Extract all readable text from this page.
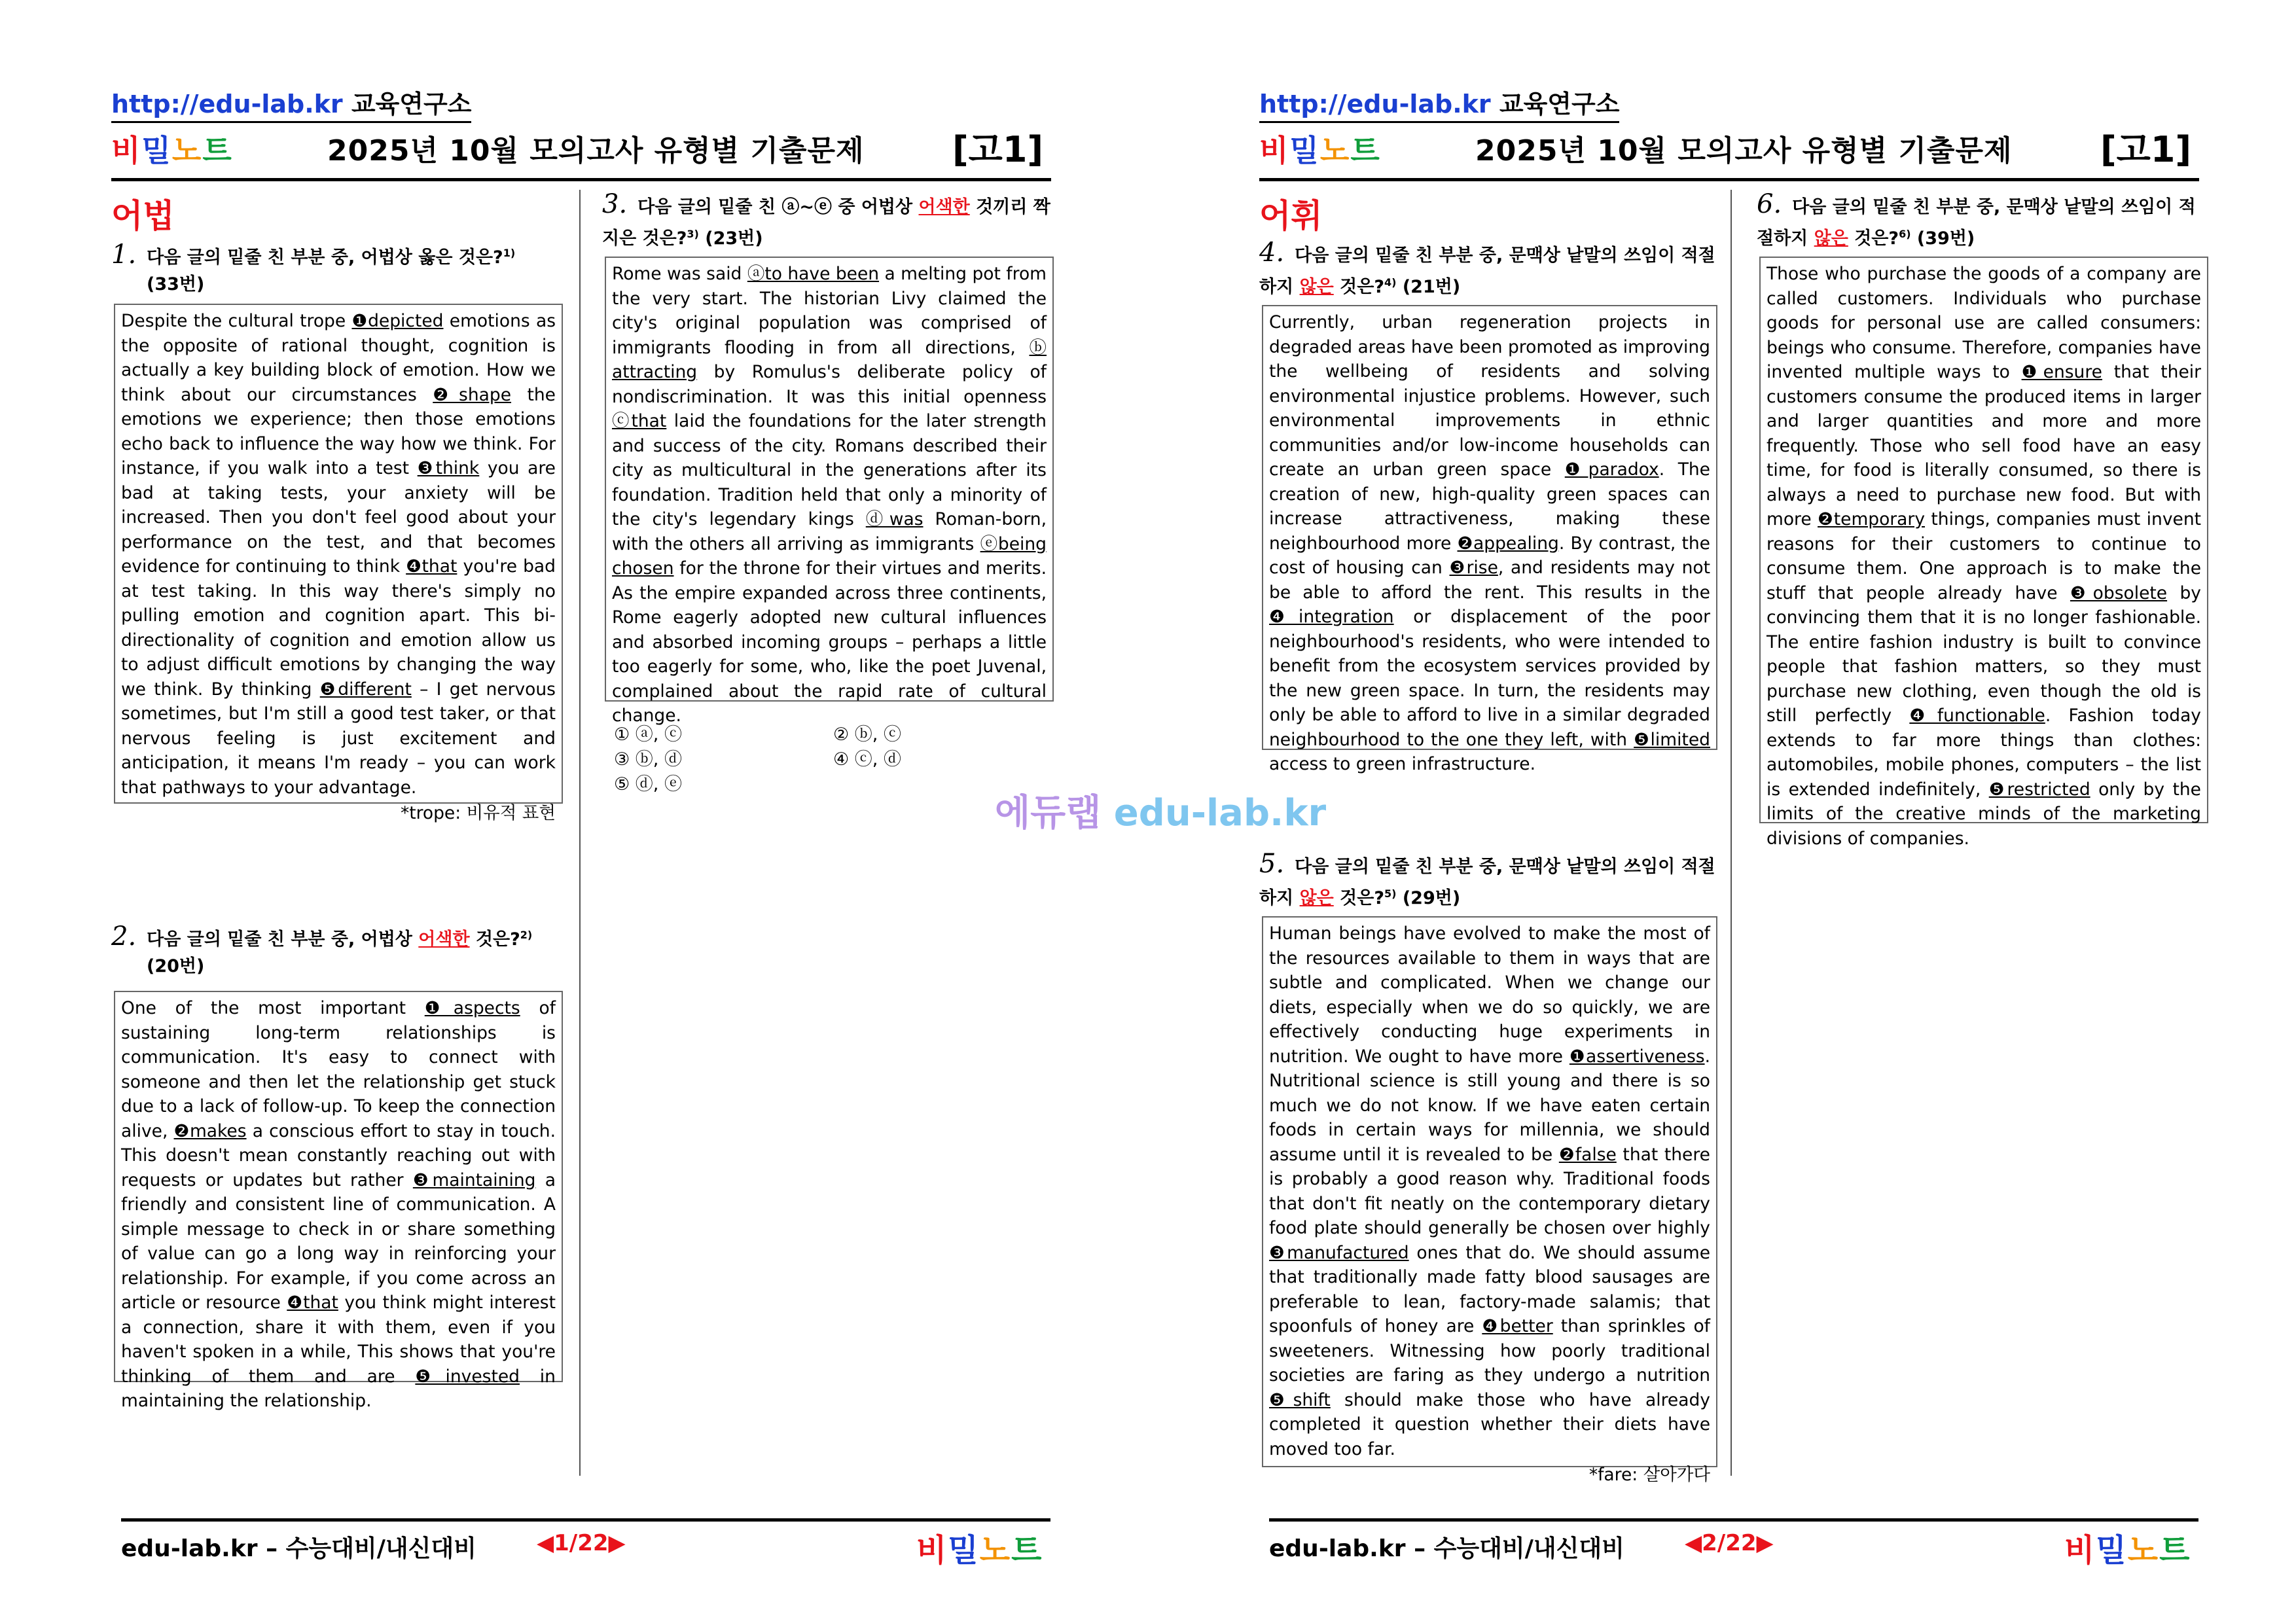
http://edu-lab.kr 교육연구소
비밀노트	2025년 10월 모의고사 유형별 기출문제 [고1]
어법
1. 다음 글의 밑줄 친 부분 중, 어법상 옳은 것은?$^{1)}$
(33번)
Despite the cultural trope ❶depicted emotions as the opposite of rational thought, cognition is actually a key building block of emotion. How we think about our circumstances ❷shape the emotions we experience; then those emotions echo back to influence the way how we think. For instance, if you walk into a test ❸think you are bad at taking tests, your anxiety will be increased. Then you don't feel good about your performance on the test, and that becomes evidence for continuing to think ❹that you're bad at test taking. In this way there's simply no pulling emotion and cognition apart. This bi-directionality of cognition and emotion allow us to adjust difficult emotions by changing the way we think. By thinking ❺different – I get nervous sometimes, but I'm still a good test taker, or that nervous feeling is just excitement and anticipation, it means I'm ready – you can work that pathways to your advantage.
*trope: 비유적 표현
2. 다음 글의 밑줄 친 부분 중, 어법상 어색한 것은?$^{2)}$
(20번)
One of the most important ❶aspects of sustaining long-term relationships is communication. It's easy to connect with someone and then let the relationship get stuck due to a lack of follow-up. To keep the connection alive, ❷makes a conscious effort to stay in touch. This doesn't mean constantly reaching out with requests or updates but rather ❸maintaining a friendly and consistent line of communication. A simple message to check in or share something of value can go a long way in reinforcing your relationship. For example, if you come across an article or resource ❹that you think might interest a connection, share it with them, even if you haven't spoken in a while, This shows that you're thinking of them and are ❺invested in maintaining the relationship.
3. 다음 글의 밑줄 친 ⓐ~ⓔ 중 어법상 어색한 것끼리 짝지은 것은?$^{3)}$ (23번)
Rome was said ⓐto have been a melting pot from the very start. The historian Livy claimed the city's original population was comprised of immigrants flooding in from all directions, ⓑ attracting by Romulus's deliberate policy of nondiscrimination. It was this initial openness ⓒthat laid the foundations for the later strength and success of the city. Romans described their city as multicultural in the generations after its foundation. Tradition held that only a minority of the city's legendary kings ⓓwas Roman-born, with the others all arriving as immigrants ⓔbeing chosen for the throne for their virtues and merits. As the empire expanded across three continents, Rome eagerly adopted new cultural influences and absorbed incoming groups – perhaps a little too eagerly for some, who, like the poet Juvenal, complained about the rapid rate of cultural change.
① ⓐ, ⓒ	② ⓑ, ⓒ
③ ⓑ, ⓓ	④ ⓒ, ⓓ
⑤ ⓓ, ⓔ
edu-lab.kr – 수능대비/내신대비	◀1/22▶	비밀노트
http://edu-lab.kr 교육연구소
비밀노트	2025년 10월 모의고사 유형별 기출문제 [고1]
어휘
4. 다음 글의 밑줄 친 부분 중, 문맥상 낱말의 쓰임이 적절하지 않은 것은?$^{4)}$ (21번)
Currently, urban regeneration projects in degraded areas have been promoted as improving the wellbeing of residents and solving environmental injustice problems. However, such environmental improvements in ethnic communities and/or low-income households can create an urban green space ❶paradox. The creation of new, high-quality green spaces can increase attractiveness, making these neighbourhood more ❷appealing. By contrast, the cost of housing can ❸rise, and residents may not be able to afford the rent. This results in the ❹integration or displacement of the poor neighbourhood's residents, who were intended to benefit from the ecosystem services provided by the new green space. In turn, the residents may only be able to afford to live in a similar degraded neighbourhood to the one they left, with ❺limited access to green infrastructure.
5. 다음 글의 밑줄 친 부분 중, 문맥상 낱말의 쓰임이 적절하지 않은 것은?$^{5)}$ (29번)
Human beings have evolved to make the most of the resources available to them in ways that are subtle and complicated. When we change our diets, especially when we do so quickly, we are effectively conducting huge experiments in nutrition. We ought to have more ❶assertiveness. Nutritional science is still young and there is so much we do not know. If we have eaten certain foods in certain ways for millennia, we should assume until it is revealed to be ❷false that there is probably a good reason why. Traditional foods that don't fit neatly on the contemporary dietary food plate should generally be chosen over highly ❸manufactured ones that do. We should assume that traditionally made fatty blood sausages are preferable to lean, factory-made salamis; that spoonfuls of honey are ❹better than sprinkles of sweeteners. Witnessing how poorly traditional societies are faring as they undergo a nutrition ❺shift should make those who have already completed it question whether their diets have moved too far.
*fare: 살아가다
6. 다음 글의 밑줄 친 부분 중, 문맥상 낱말의 쓰임이 적절하지 않은 것은?$^{6)}$ (39번)
Those who purchase the goods of a company are called customers. Individuals who purchase goods for personal use are called consumers: beings who consume. Therefore, companies have invented multiple ways to ❶ensure that their customers consume the produced items in larger and larger quantities and more and more frequently. Those who sell food have an easy time, for food is literally consumed, so there is always a need to purchase new food. But with more ❷temporary things, companies must invent reasons for their customers to continue to consume them. One approach is to make the stuff that people already have ❸obsolete by convincing them that it is no longer fashionable. The entire fashion industry is built to convince people that fashion matters, so they must purchase new clothing, even though the old is still perfectly ❹functionable. Fashion today extends to far more things than clothes: automobiles, mobile phones, computers – the list is extended indefinitely, ❺restricted only by the limits of the creative minds of the marketing divisions of companies.
edu-lab.kr – 수능대비/내신대비	◀2/22▶	비밀노트
에듀랩 edu-lab.kr
